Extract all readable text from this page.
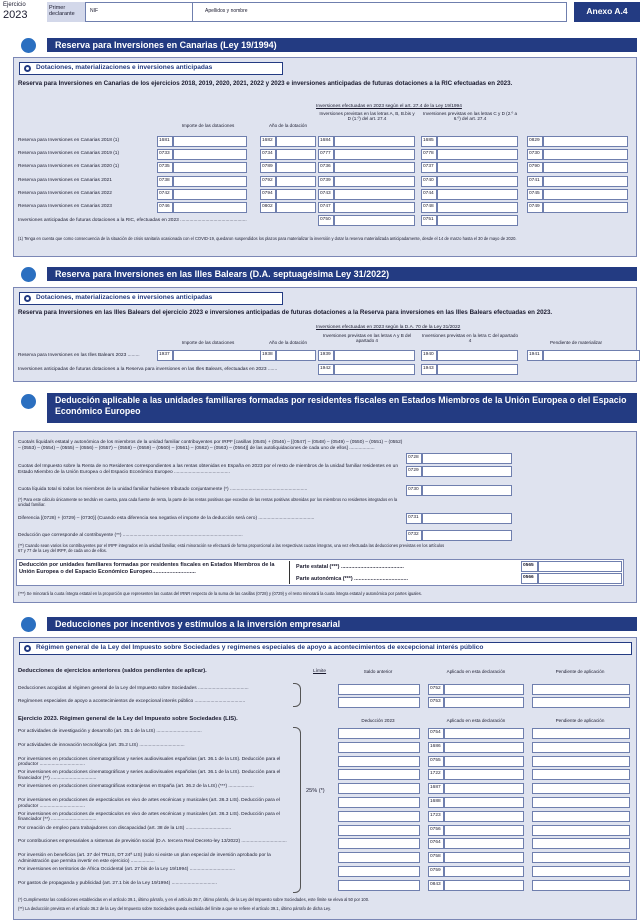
Ejercicio
2023
Primer declarante
NIF	Apellidos y nombre	Anexo A.4
Reserva para Inversiones en Canarias (Ley 19/1994)
Dotaciones, materializaciones e inversiones anticipadas
Reserva para Inversiones en Canarias de los ejercicios 2018, 2019, 2020, 2021, 2022 y 2023 e inversiones anticipadas de futuras dotaciones a la RIC efectuadas en 2023.
Inversiones efectuadas en 2023 según el art. 27.4 de la Ley 19/1994
Importe de las dotaciones	Año de la dotación
Inversiones previstas en las letras A, B, B.bis y D (1.º) del art. 27.4
Inversiones previstas en las letras C y D (2.º a 6.º) del art. 27.4
Reserva para Inversiones en Canarias 2018 (1)	1681	1682	1684	1685	0829
Reserva para Inversiones en Canarias 2019 (1)	0733	0734	0777	0778	0730
Reserva para Inversiones en Canarias 2020 (1)	0735	0789	0736	0737	0790
Reserva para Inversiones en Canarias 2021	0738	0792	0739	0740	0741
Reserva para Inversiones en Canarias 2022	0742	0794	0743	0744	0745
Reserva para Inversiones en Canarias 2023	0746	0802	0747	0748	0749
Inversiones anticipadas de futuras dotaciones a la RIC, efectuadas en 2023 ..................................................	0750	0751
(1) Tenga en cuenta que como consecuencia de la situación de crisis sanitaria ocasionada con el COVID-19, quedaron suspendidos los plazos para materializar la inversión y dotar la reserva materializada anticipadamente, desde el 14 de marzo hasta el 30 de mayo de 2020.
Reserva para Inversiones en las Illes Balears (D.A. septuagésima Ley 31/2022)
Dotaciones, materializaciones e inversiones anticipadas
Reserva para Inversiones en las Illes Balears del ejercicio 2023 e inversiones anticipadas de futuras dotaciones a la Reserva para inversiones en las Illes Balears efectuadas en 2023.
Inversiones efectuadas en 2023 según la D.A. 70 de la Ley 31/2022
Importe de las dotaciones	Año de la dotación
Inversiones previstas en las letras A y B del apartado 4
Inversiones previstas en la letra C del apartado 4	Pendiente de materializar
Reserva para Inversiones en las Illes Balears 2023 .........	1937	1938	1939	1940	1941
Inversiones anticipadas de futuras dotaciones a la Reserva para inversiones en las Illes Balears, efectuadas en 2023 .......	1942	1943
Deducción aplicable a las unidades familiares formadas por residentes fiscales en Estados Miembros de la Unión Europea o del Espacio Económico Europeo
Cuota/s líquida/s estatal y autonómica de los miembros de la unidad familiar contribuyentes por IRPF [casillas (0545) + (0546) – [(0547) – (0548) – (0549) – (0550) – (0551) – (0552) – (0553) – (0554) – (0555) – (0556) – (0557) – (0558) – (0559) – (0560) – (0561) – (0562) – (0563) – (0564)] de las autoliquidaciones de cada uno de ellos] ...................
0728
Cuotas del Impuesto sobre la Renta de no Residentes correspondientes a las rentas obtenidas en España en 2023 por el resto de miembros de la unidad familiar residentes en un Estado Miembro de la Unión Europea o del Espacio Económico Europeo ..........................................	0729
Cuota líquida total si todos los miembros de la unidad familiar hubiesen tributado conjuntamente (*) ..........................................................	0730
(*) Para este cálculo únicamente se tendrán en cuenta, para cada fuente de renta, la parte de las rentas positivas que excedan de las rentas positivas obtenidas por los miembros no residentes integrados en la unidad familiar.
Diferencia [(0728) + (0729) – (0730)] (Cuando esta diferencia sea negativa el importe de la deducción será cero) ..........................................	0731
Deducción que corresponde al contribuyente (**) ..........................................................................................	0732
(**) Cuando sean varios los contribuyentes por el IRPF integrados en la unidad familiar, está minoración se efectuará de forma proporcional a las respectivas cuotas íntegras, una vez efectuada las deducciones previstas en los artículos 67 y 77 de la Ley del IRPF, de cada uno de ellos.
Deducción por unidades familiares formadas por residentes fiscales en Estados Miembros de la Unión Europea o del Espacio Económico Europeo............................
Parte estatal (***) ..........................................	0565
Parte autonómica (***) ....................................	0566
(***) Se minorará la cuota íntegra estatal en la proporción que representen las cuotas del IRNR respecto de la suma de las casillas (0728) y (0729) y el resto minorará la cuota íntegra estatal y autonómica por partes iguales.
Deducciones por incentivos y estímulos a la inversión empresarial
Régimen general de la Ley del Impuesto sobre Sociedades y regímenes especiales de apoyo a acontecimientos de excepcional interés público
Límite
Deducciones de ejercicios anteriores (saldos pendientes de aplicar).	Saldo anterior	Aplicado en esta declaración	Pendiente de aplicación
Deducciones acogidas al régimen general de la Ley del Impuesto sobre Sociedades ......................................	0752
Regímenes especiales de apoyo a acontecimientos de excepcional interés público ......................................	0753
Ejercicio 2023. Régimen general de la Ley del Impuesto sobre Sociedades (LIS).	Deducción 2023	Aplicado en esta declaración	Pendiente de aplicación
25% (*)
Por actividades de investigación y desarrollo (art. 35.1 de la LIS) ..................................	0754
Por actividades de innovación tecnológica (art. 35.2 LIS) ..................................	1686
Por inversiones en producciones cinematográficas y series audiovisuales españolas (art. 36.1 de la LIS). Deducción para el productor ..................................
0755
Por inversiones en producciones cinematográficas y series audiovisuales españolas (art. 36.1 de la LIS). Deducción para el financiador (**) ..................................
1722
Por inversiones en producciones cinematográficas extranjeras en España (art. 36.2 de la LIS) (***) ...................	1687
Por inversiones en producciones de espectáculos en vivo de artes escénicas y musicales (art. 36.3 LIS). Deducción para el productor ..................................
1688
Por inversiones en producciones de espectáculos en vivo de artes escénicas y musicales (art. 36.3 LIS). Deducción para el financiador (**) ..................................
1723
Por creación de empleo para trabajadores con discapacidad (art. 38 de la LIS) ..................................	0756
Por contribuciones empresariales a sistemas de previsión social (D.A. tercera Real Decreto-ley 13/2022) ..................................	0764
Por inversión en beneficios (art. 37 del TRLIS, DT 24ª LIS) (solo si existe un plan especial de inversión aprobado por la Administración que permita invertir en este ejercicio) ..................
0758
Por inversiones en territorios de África Occidental (art. 27 bis de la Ley 19/1994) ..................................	0759
Por gastos de propaganda y publicidad (art. 27.1 bis de la Ley 19/1994) ..................................	0843
(*) Cumplimentar las condiciones establecidas en el artículo 39.1, último párrafo, y en el artículo 39.7, último párrafo, de la Ley del Impuesto sobre Sociedades, este límite se eleva al 50 por 100.
(**) La deducción prevista en el artículo 36.2 de la Ley del Impuesto sobre Sociedades queda excluida del límite a que se refiere el artículo 39.1, último párrafo de dicha Ley.
